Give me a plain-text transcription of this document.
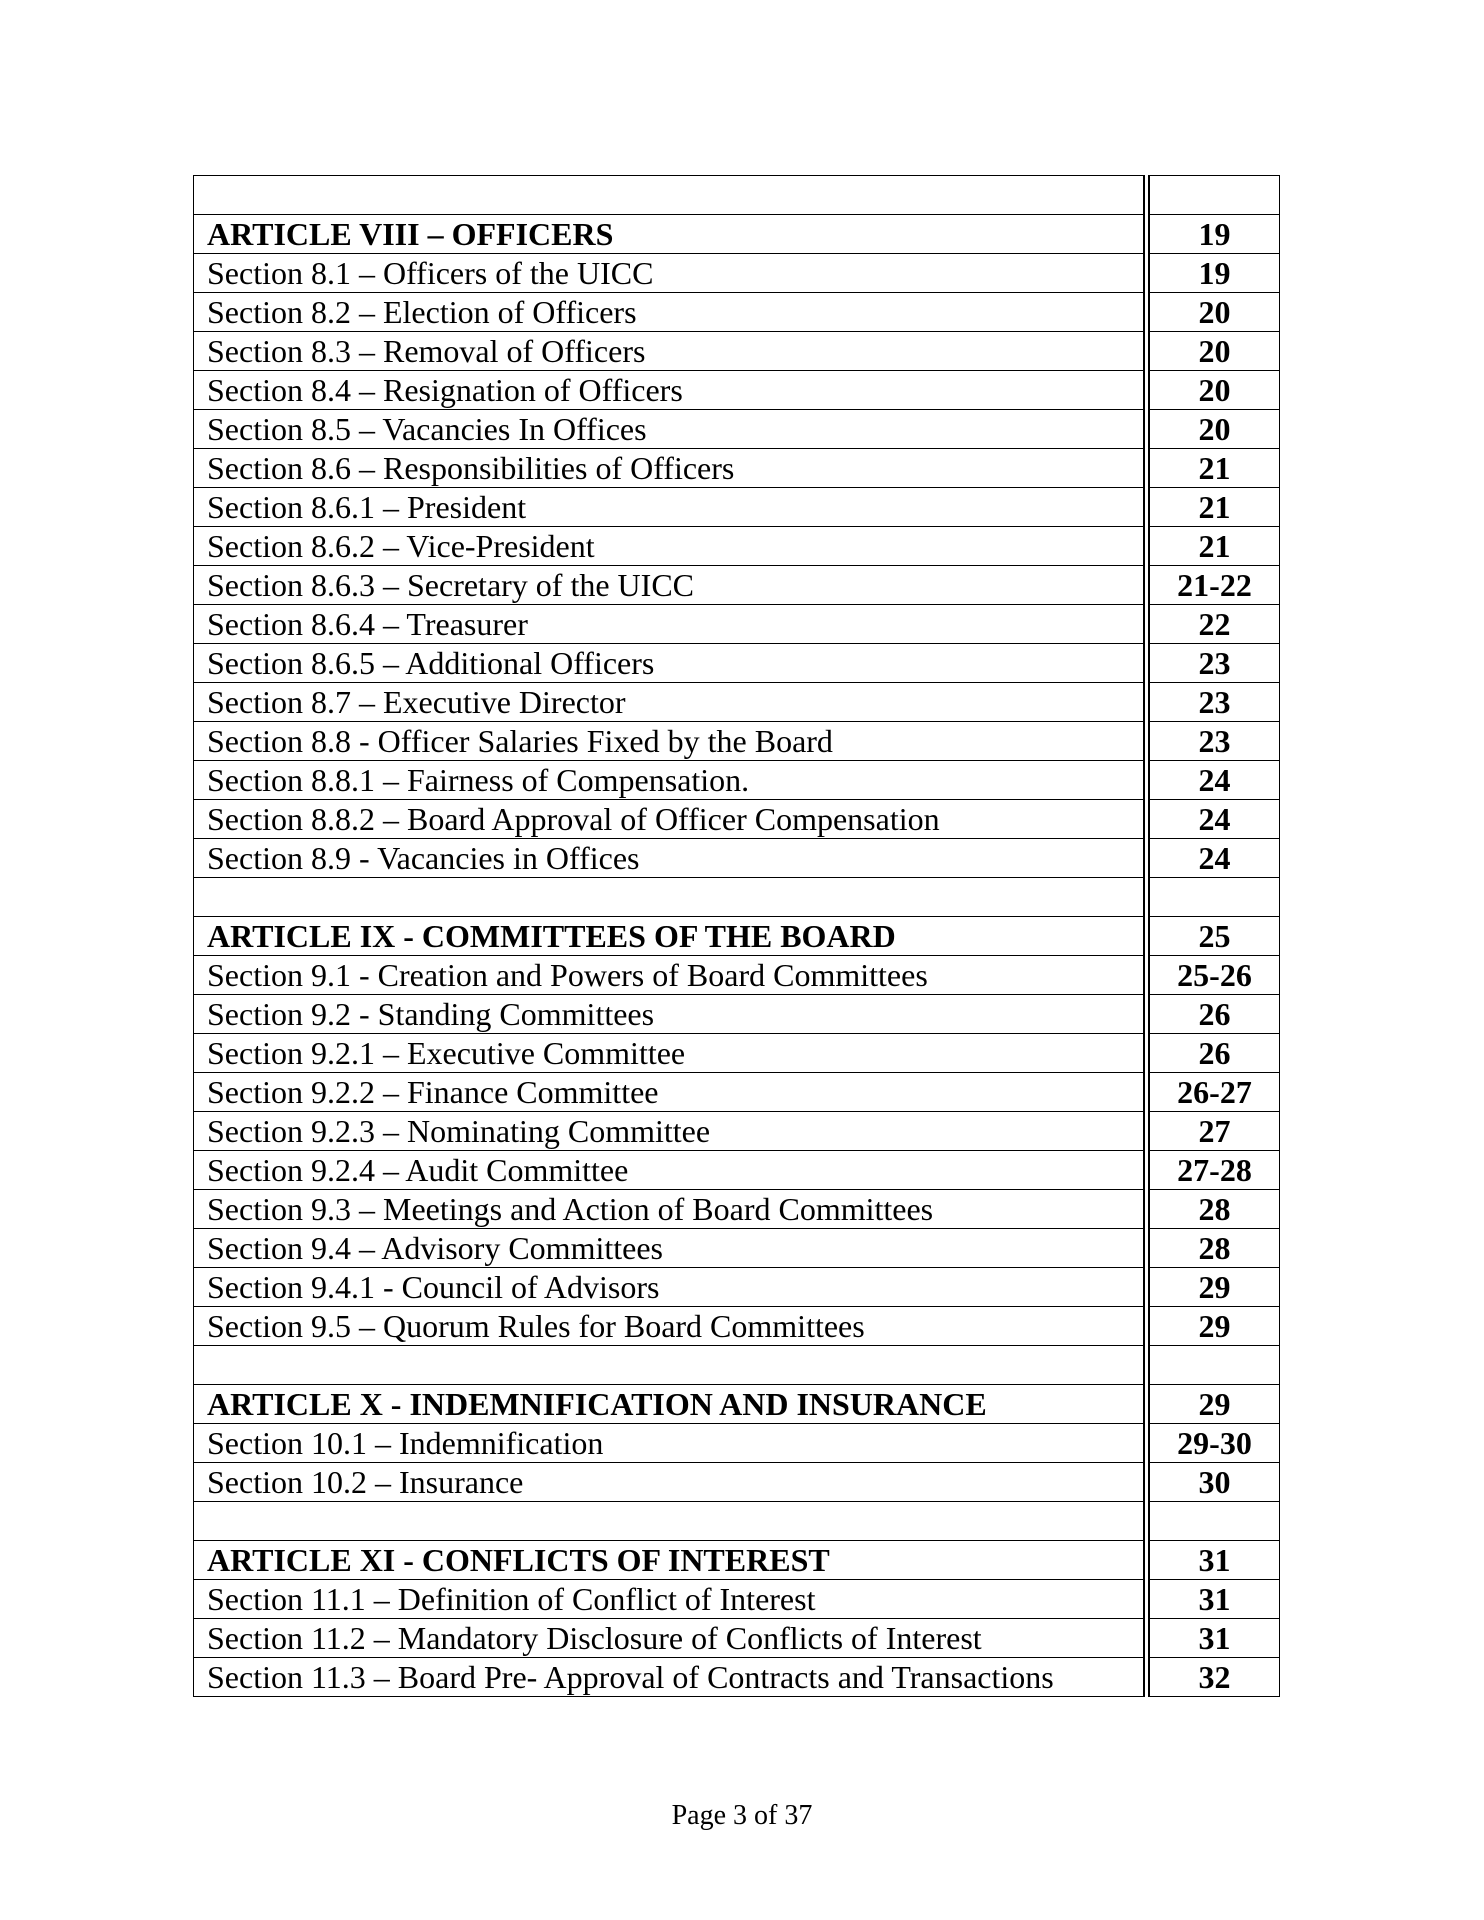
ARTICLE VIII – OFFICERS	19
Section 8.1 – Officers of the UICC	19
Section 8.2 – Election of Officers	20
Section 8.3 – Removal of Officers	20
Section 8.4 – Resignation of Officers	20
Section 8.5 – Vacancies In Offices	20
Section 8.6 – Responsibilities of Officers	21
Section 8.6.1 – President	21
Section 8.6.2 – Vice-President	21
Section 8.6.3 – Secretary of the UICC	21-22
Section 8.6.4 – Treasurer	22
Section 8.6.5 – Additional Officers	23
Section 8.7 – Executive Director	23
Section 8.8 - Officer Salaries Fixed by the Board	23
Section 8.8.1 – Fairness of Compensation.	24
Section 8.8.2 – Board Approval of Officer Compensation	24
Section 8.9 - Vacancies in Offices	24

ARTICLE IX - COMMITTEES OF THE BOARD	25
Section 9.1 - Creation and Powers of Board Committees	25-26
Section 9.2 - Standing Committees	26
Section 9.2.1 – Executive Committee	26
Section 9.2.2 – Finance Committee	26-27
Section 9.2.3 – Nominating Committee	27
Section 9.2.4 – Audit Committee	27-28
Section 9.3 – Meetings and Action of Board Committees	28
Section 9.4 – Advisory Committees	28
Section 9.4.1 - Council of Advisors	29
Section 9.5 – Quorum Rules for Board Committees	29

ARTICLE X - INDEMNIFICATION AND INSURANCE	29
Section 10.1 – Indemnification	29-30
Section 10.2 – Insurance	30

ARTICLE XI - CONFLICTS OF INTEREST	31
Section 11.1 – Definition of Conflict of Interest	31
Section 11.2 – Mandatory Disclosure of Conflicts of Interest	31
Section 11.3 – Board Pre- Approval of Contracts and Transactions	32
Page 3 of 37
